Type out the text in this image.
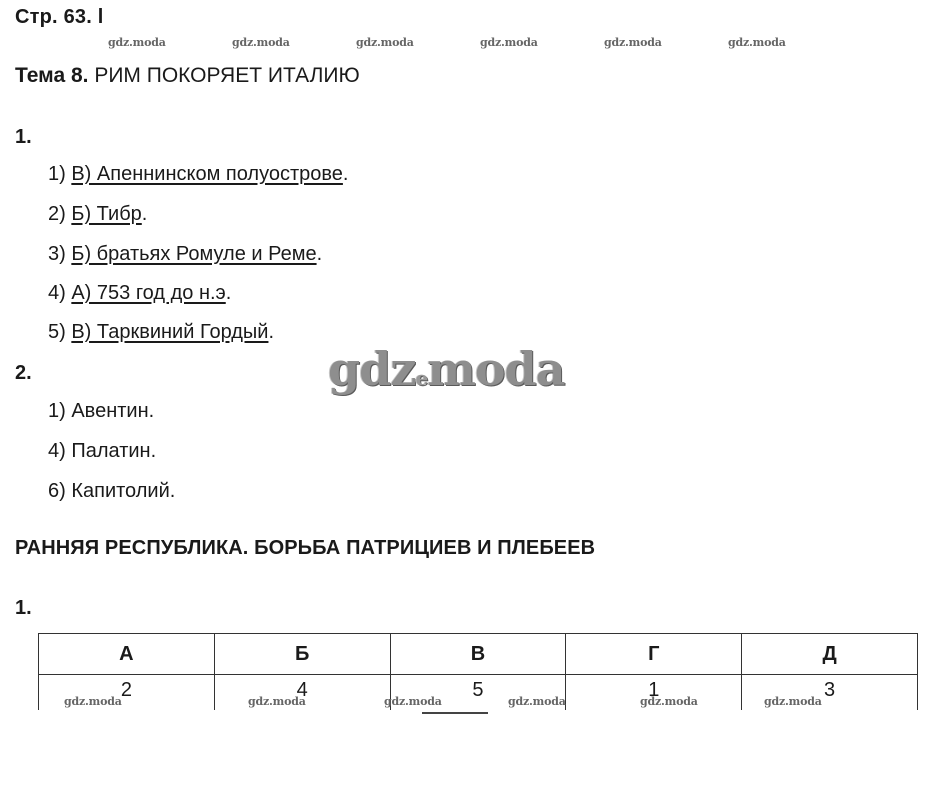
Стр. 63. l
gdz.moda	gdz.moda	gdz.moda	gdz.moda	gdz.moda	gdz.moda
Тема 8. РИМ ПОКОРЯЕТ ИТАЛИЮ
1.
1) В) Апеннинском полуострове.
2) Б) Тибр.
3) Б) братьях Ромуле и Реме.
4) А) 753 год до н.э.
5) В) Тарквиний Гордый.
gdzemoda
2.
1) Авентин.
4) Палатин.
6) Капитолий.
РАННЯЯ РЕСПУБЛИКА. БОРЬБА ПАТРИЦИЕВ И ПЛЕБЕЕВ
1.
А	Б	В	Г	Д
2	4	5	1	3
gdz.moda	gdz.moda	gdz.moda	gdz.moda	gdz.moda	gdz.moda
